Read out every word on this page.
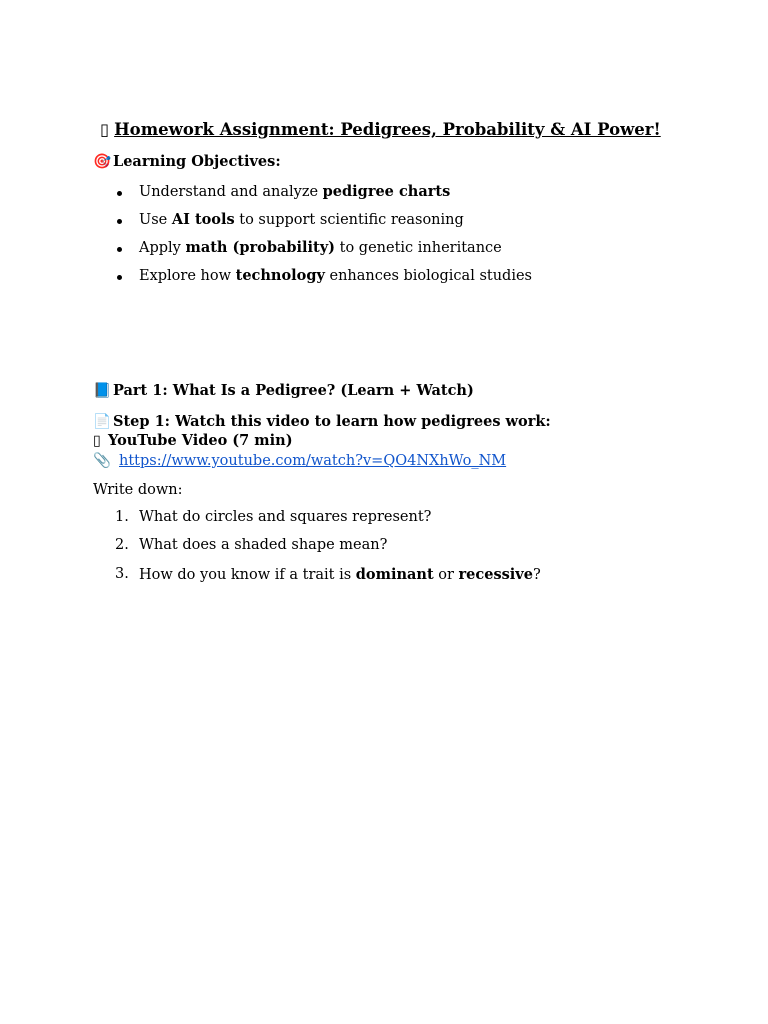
▯ Homework Assignment: Pedigrees, Probability & AI Power!
🎯 Learning Objectives:
Understand and analyze pedigree charts
Use AI tools to support scientific reasoning
Apply math (probability) to genetic inheritance
Explore how technology enhances biological studies
📘 Part 1: What Is a Pedigree? (Learn + Watch)
📄 Step 1: Watch this video to learn how pedigrees work:
▯ YouTube Video (7 min)
📎 https://www.youtube.com/watch?v=QO4NXhWo_NM
Write down:
1. What do circles and squares represent?
2. What does a shaded shape mean?
3. How do you know if a trait is dominant or recessive?
